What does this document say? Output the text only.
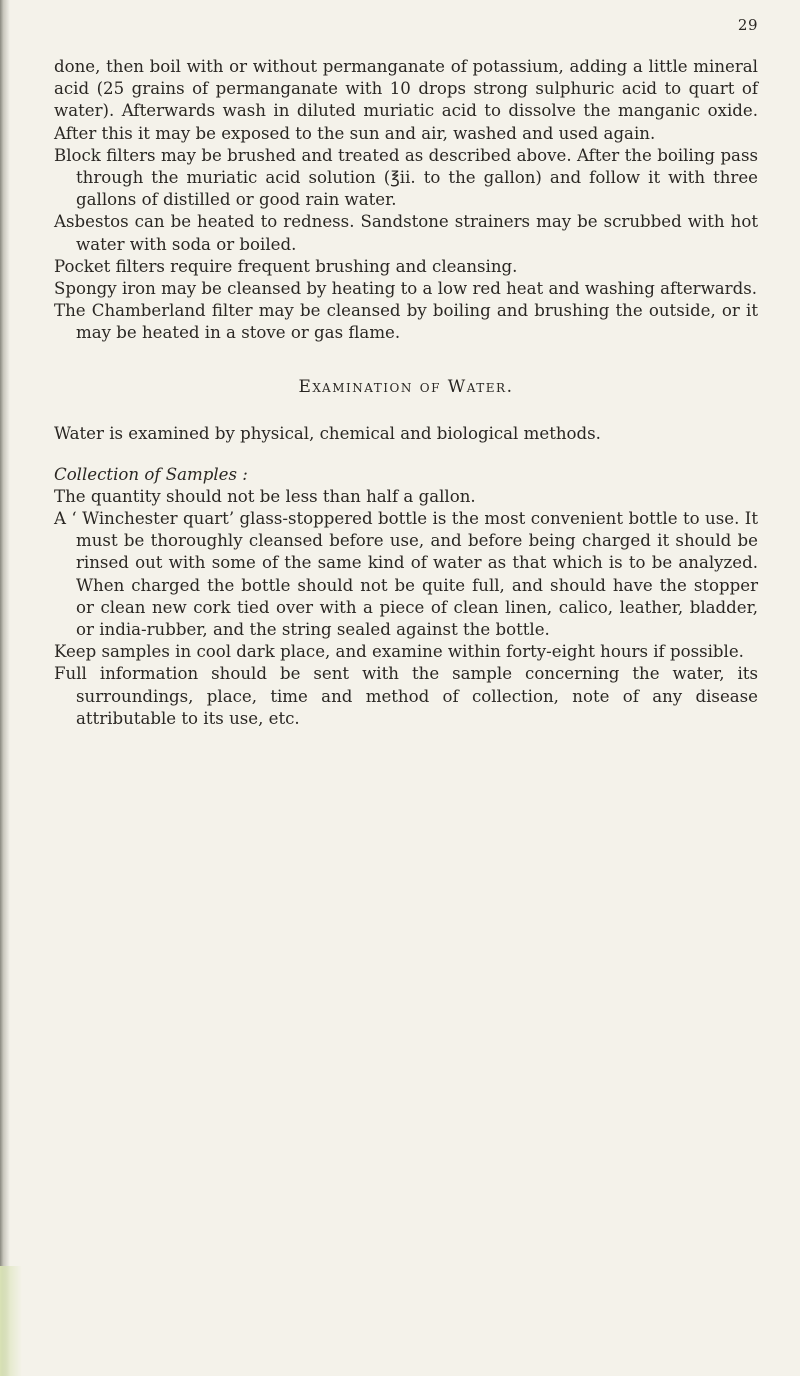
29

done, then boil with or without permanganate of potassium, adding a little mineral acid (25 grains of permanganate with 10 drops strong sulphuric acid to quart of water). Afterwards wash in diluted muriatic acid to dissolve the manganic oxide. After this it may be exposed to the sun and air, washed and used again.

Block filters may be brushed and treated as described above. After the boiling pass through the muriatic acid solution (℥ii. to the gallon) and follow it with three gallons of distilled or good rain water.

Asbestos can be heated to redness. Sandstone strainers may be scrubbed with hot water with soda or boiled.

Pocket filters require frequent brushing and cleansing.

Spongy iron may be cleansed by heating to a low red heat and washing afterwards.

The Chamberland filter may be cleansed by boiling and brushing the outside, or it may be heated in a stove or gas flame.

Examination of Water.

Water is examined by physical, chemical and biological methods.

Collection of Samples :

The quantity should not be less than half a gallon.

A ‘ Winchester quart’ glass-stoppered bottle is the most convenient bottle to use. It must be thoroughly cleansed before use, and before being charged it should be rinsed out with some of the same kind of water as that which is to be analyzed. When charged the bottle should not be quite full, and should have the stopper or clean new cork tied over with a piece of clean linen, calico, leather, bladder, or india-rubber, and the string sealed against the bottle.

Keep samples in cool dark place, and examine within forty-eight hours if possible.

Full information should be sent with the sample concerning the water, its surroundings, place, time and method of collection, note of any disease attributable to its use, etc.
